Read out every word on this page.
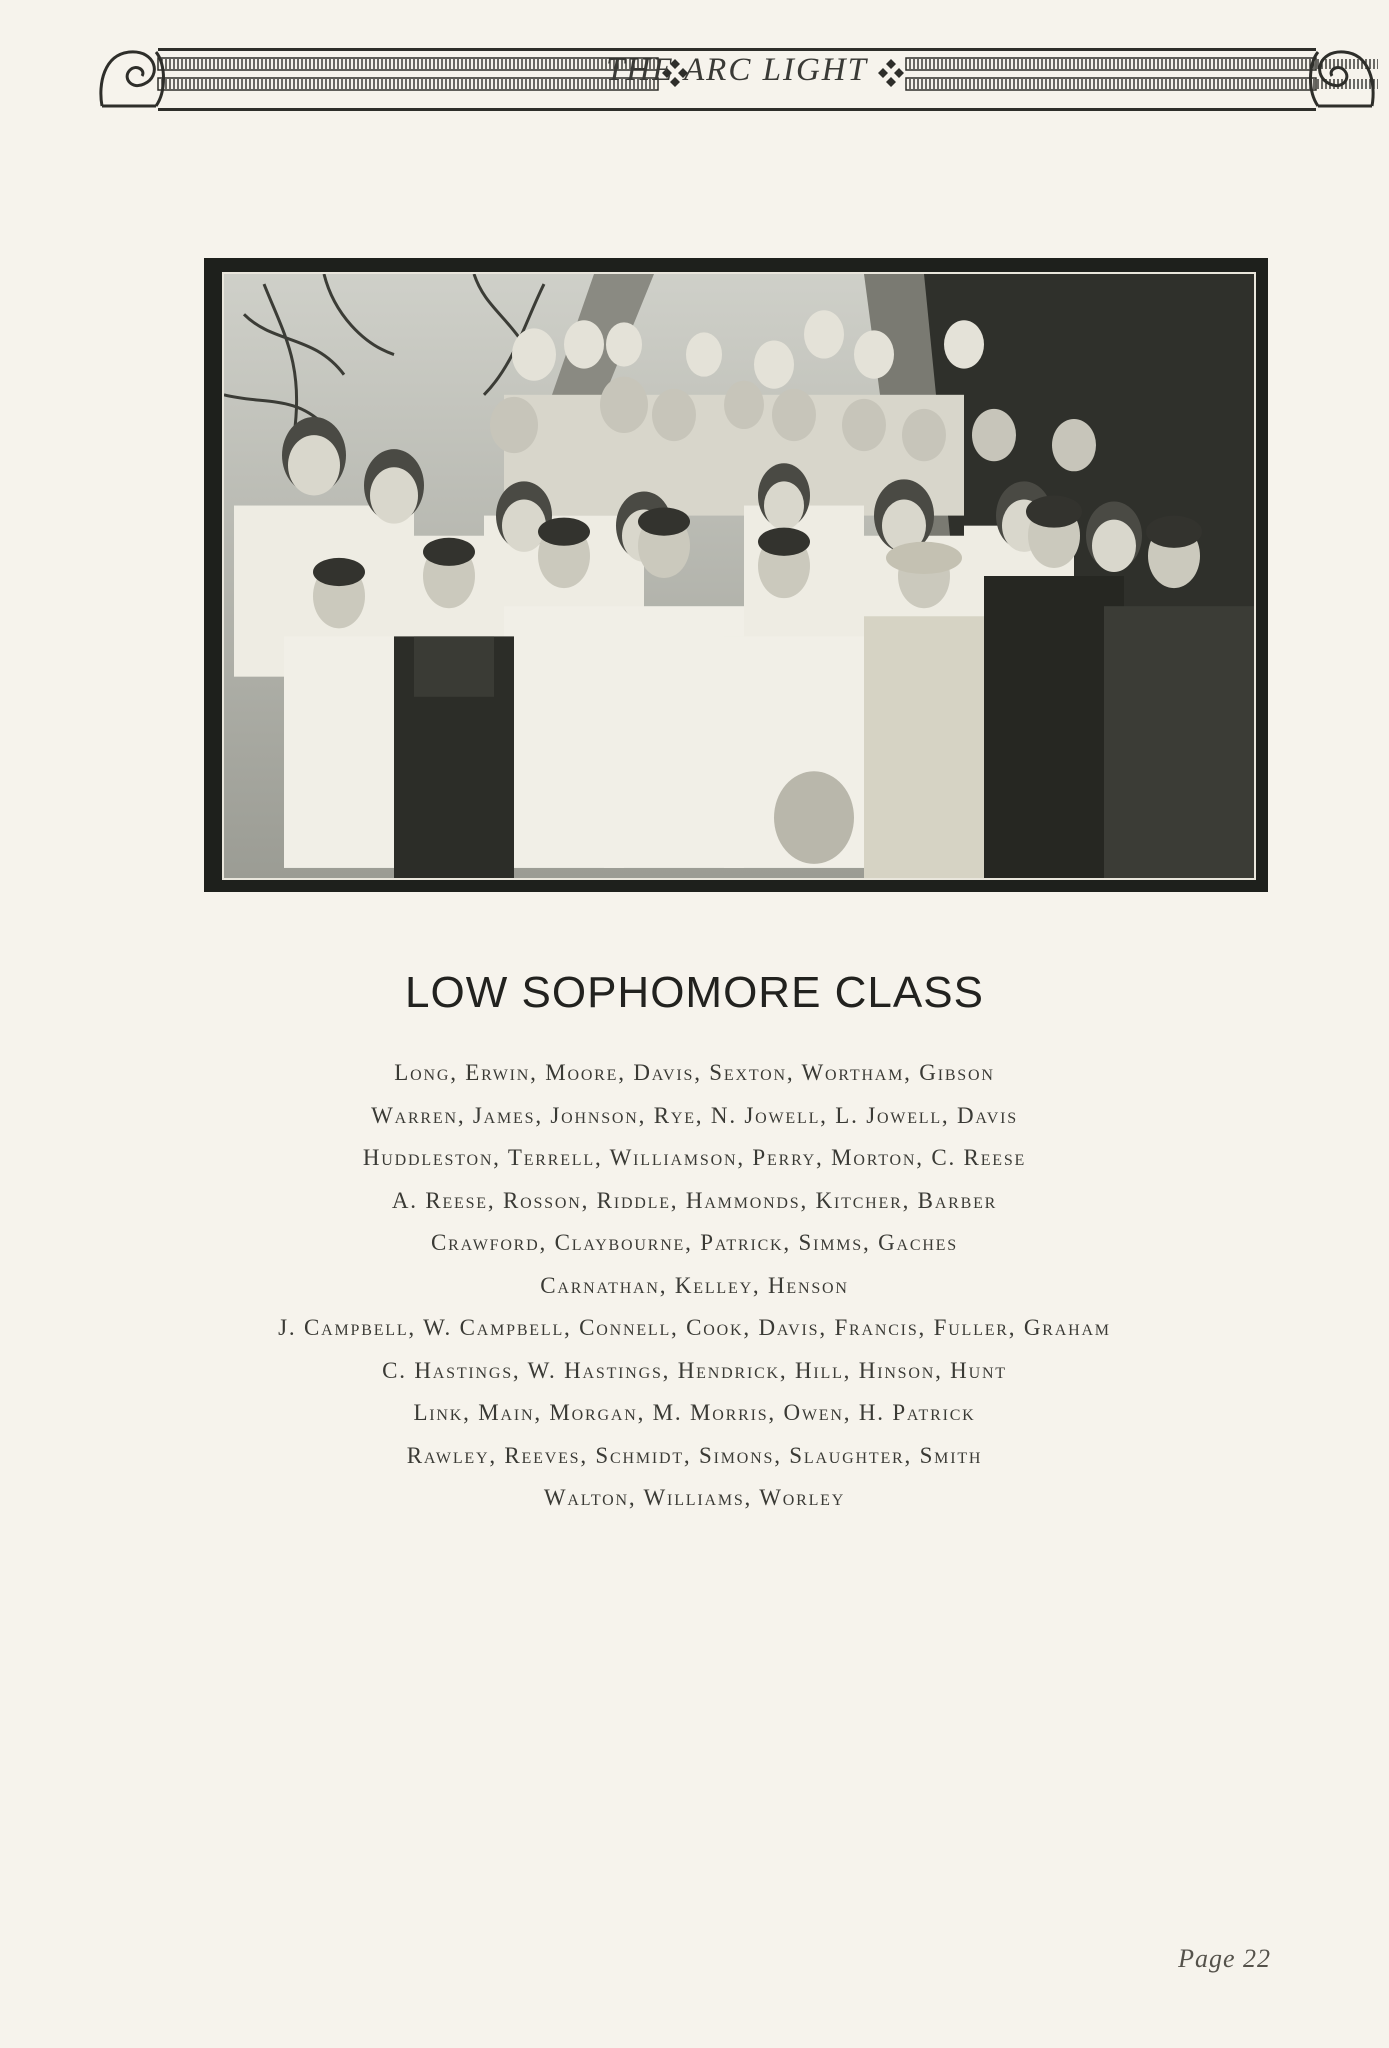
THE ARC LIGHT
LOW SOPHOMORE CLASS
Long, Erwin, Moore, Davis, Sexton, Wortham, Gibson
Warren, James, Johnson, Rye, N. Jowell, L. Jowell, Davis
Huddleston, Terrell, Williamson, Perry, Morton, C. Reese
A. Reese, Rosson, Riddle, Hammonds, Kitcher, Barber
Crawford, Claybourne, Patrick, Simms, Gaches
Carnathan, Kelley, Henson
J. Campbell, W. Campbell, Connell, Cook, Davis, Francis, Fuller, Graham
C. Hastings, W. Hastings, Hendrick, Hill, Hinson, Hunt
Link, Main, Morgan, M. Morris, Owen, H. Patrick
Rawley, Reeves, Schmidt, Simons, Slaughter, Smith
Walton, Williams, Worley
Page 22
